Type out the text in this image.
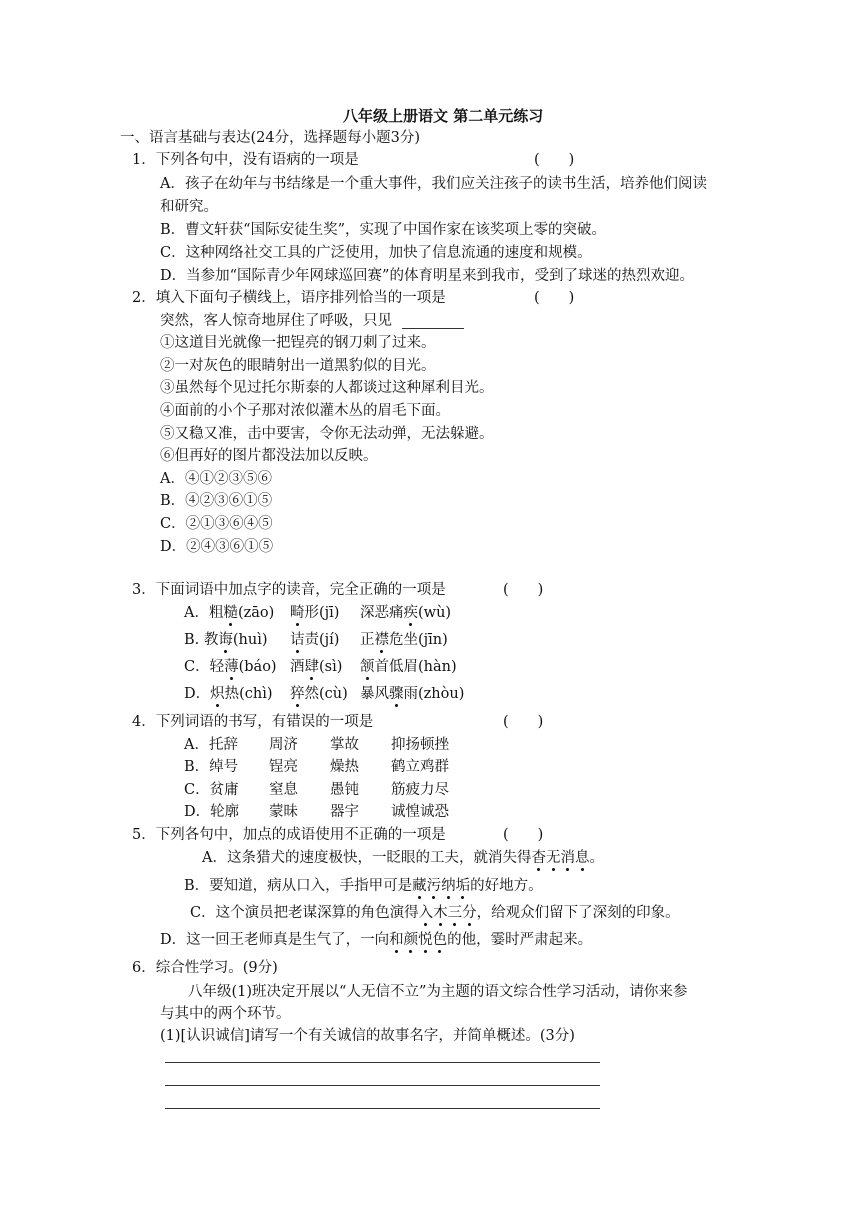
八年级上册语文 第二单元练习
一、语言基础与表达(24分，选择题每小题3分)
1．下列各句中，没有语病的一项是	(　　)
A．孩子在幼年与书结缘是一个重大事件，我们应关注孩子的读书生活，培养他们阅读
和研究。
B．曹文轩获“国际安徒生奖”，实现了中国作家在该奖项上零的突破。
C．这种网络社交工具的广泛使用，加快了信息流通的速度和规模。
D．当参加“国际青少年网球巡回赛”的体育明星来到我市，受到了球迷的热烈欢迎。
2．填入下面句子横线上，语序排列恰当的一项是	(　　)
突然，客人惊奇地屏住了呼吸，只见
①这道目光就像一把锃亮的钢刀刺了过来。
②一对灰色的眼睛射出一道黑豹似的目光。
③虽然每个见过托尔斯泰的人都谈过这种犀利目光。
④面前的小个子那对浓似灌木丛的眉毛下面。
⑤又稳又准，击中要害，令你无法动弹，无法躲避。
⑥但再好的图片都没法加以反映。
A．④①②③⑤⑥
B．④②③⑥①⑤
C．②①③⑥④⑤
D．②④③⑥①⑤
3．下面词语中加点字的读音，完全正确的一项是	(　　)
A．粗糙(zāo) 畸形(jī) 深恶痛疾(wù)
B. 教诲(huì) 诘责(jí) 正襟危坐(jīn)
C．轻薄(báo) 酒肆(sì) 颔首低眉(hàn)
D．炽热(chì) 猝然(cù) 暴风骤雨(zhòu)
4．下列词语的书写，有错误的一项是	(　　)
A．托辞 周济 掌故 抑扬顿挫
B．绰号 锃亮 燥热 鹤立鸡群
C．贫庸 窒息 愚钝 筋疲力尽
D．轮廓 蒙昧 器宇 诚惶诚恐
5．下列各句中，加点的成语使用不正确的一项是	(　　)
A．这条猎犬的速度极快，一眨眼的工夫，就消失得杳无消息。
B．要知道，病从口入，手指甲可是藏污纳垢的好地方。
C．这个演员把老谋深算的角色演得入木三分，给观众们留下了深刻的印象。
D．这一回王老师真是生气了，一向和颜悦色的他，霎时严肃起来。
6．综合性学习。(9分)
八年级(1)班决定开展以“人无信不立”为主题的语文综合性学习活动，请你来参
与其中的两个环节。
(1)[认识诚信]请写一个有关诚信的故事名字，并简单概述。(3分)
